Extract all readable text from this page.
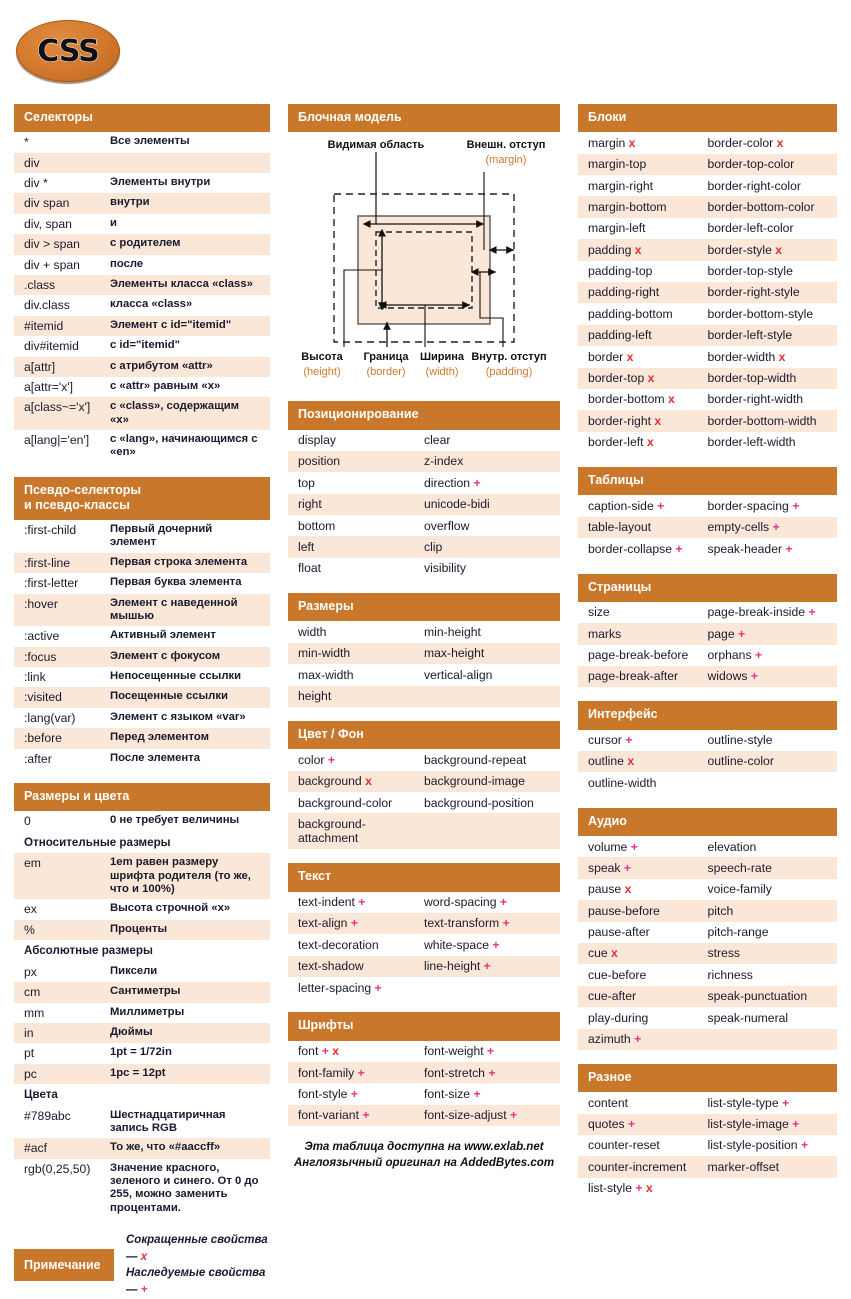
CSS
Селекторы
*	Все элементы
div
div *	Элементы внутри
div span	внутри
div, span	и
div > span	с родителем
div + span	после
.class	Элементы класса «class»
div.class	класса «class»
#itemid	Элемент с id="itemid"
div#itemid	с id="itemid"
a[attr]	с атрибутом «attr»
a[attr='x']	с «attr» равным «x»
a[class~='x']	с «class», содержащим «x»
a[lang|='en']	с «lang», начинающимся с «en»
Псевдо-селекторы
и псевдо-классы
:first-child	Первый дочерний элемент
:first-line	Первая строка элемента
:first-letter	Первая буква элемента
:hover	Элемент с наведенной мышью
:active	Активный элемент
:focus	Элемент с фокусом
:link	Непосещенные ссылки
:visited	Посещенные ссылки
:lang(var)	Элемент с языком «var»
:before	Перед элементом
:after	После элемента
Размеры и цвета
0	0 не требует величины
Относительные размеры
em	1em равен размеру шрифта родителя (то же, что и 100%)
ex	Высота строчной «x»
%	Проценты
Абсолютные размеры
px	Пиксели
cm	Сантиметры
mm	Миллиметры
in	Дюймы
pt	1pt = 1/72in
pc	1pc = 12pt
Цвета
#789abc	Шестнадцатиричная запись RGB
#acf	То же, что «#aaccff»
rgb(0,25,50)	Значение красного, зеленого и синего. От 0 до 255, можно заменить процентами.
Примечание
Сокращенные свойства — x
Наследуемые свойства — +
Блочная модель
Видимая область	Внешн. отступ
(margin)
Высота
(height)
Граница
(border)
Ширина
(width)
Внутр. отступ
(padding)
Позиционирование
display	clear
position	z-index
top	direction +
right	unicode-bidi
bottom	overflow
left	clip
float	visibility
Размеры
width	min-height
min-width	max-height
max-width	vertical-align
height
Цвет / Фон
color +	background-repeat
background x	background-image
background-color	background-position
background-attachment
Текст
text-indent +	word-spacing +
text-align +	text-transform +
text-decoration	white-space +
text-shadow	line-height +
letter-spacing +
Шрифты
font + x	font-weight +
font-family +	font-stretch +
font-style +	font-size +
font-variant +	font-size-adjust +
Эта таблица доступна на www.exlab.net
Англоязычный оригинал на AddedBytes.com
Блоки
margin x	border-color x
margin-top	border-top-color
margin-right	border-right-color
margin-bottom	border-bottom-color
margin-left	border-left-color
padding x	border-style x
padding-top	border-top-style
padding-right	border-right-style
padding-bottom	border-bottom-style
padding-left	border-left-style
border x	border-width x
border-top x	border-top-width
border-bottom x	border-right-width
border-right x	border-bottom-width
border-left x	border-left-width
Таблицы
caption-side +	border-spacing +
table-layout	empty-cells +
border-collapse +	speak-header +
Страницы
size	page-break-inside +
marks	page +
page-break-before	orphans +
page-break-after	widows +
Интерфейс
cursor +	outline-style
outline x	outline-color
outline-width
Аудио
volume +	elevation
speak +	speech-rate
pause x	voice-family
pause-before	pitch
pause-after	pitch-range
cue x	stress
cue-before	richness
cue-after	speak-punctuation
play-during	speak-numeral
azimuth +
Разное
content	list-style-type +
quotes +	list-style-image +
counter-reset	list-style-position +
counter-increment	marker-offset
list-style + x
